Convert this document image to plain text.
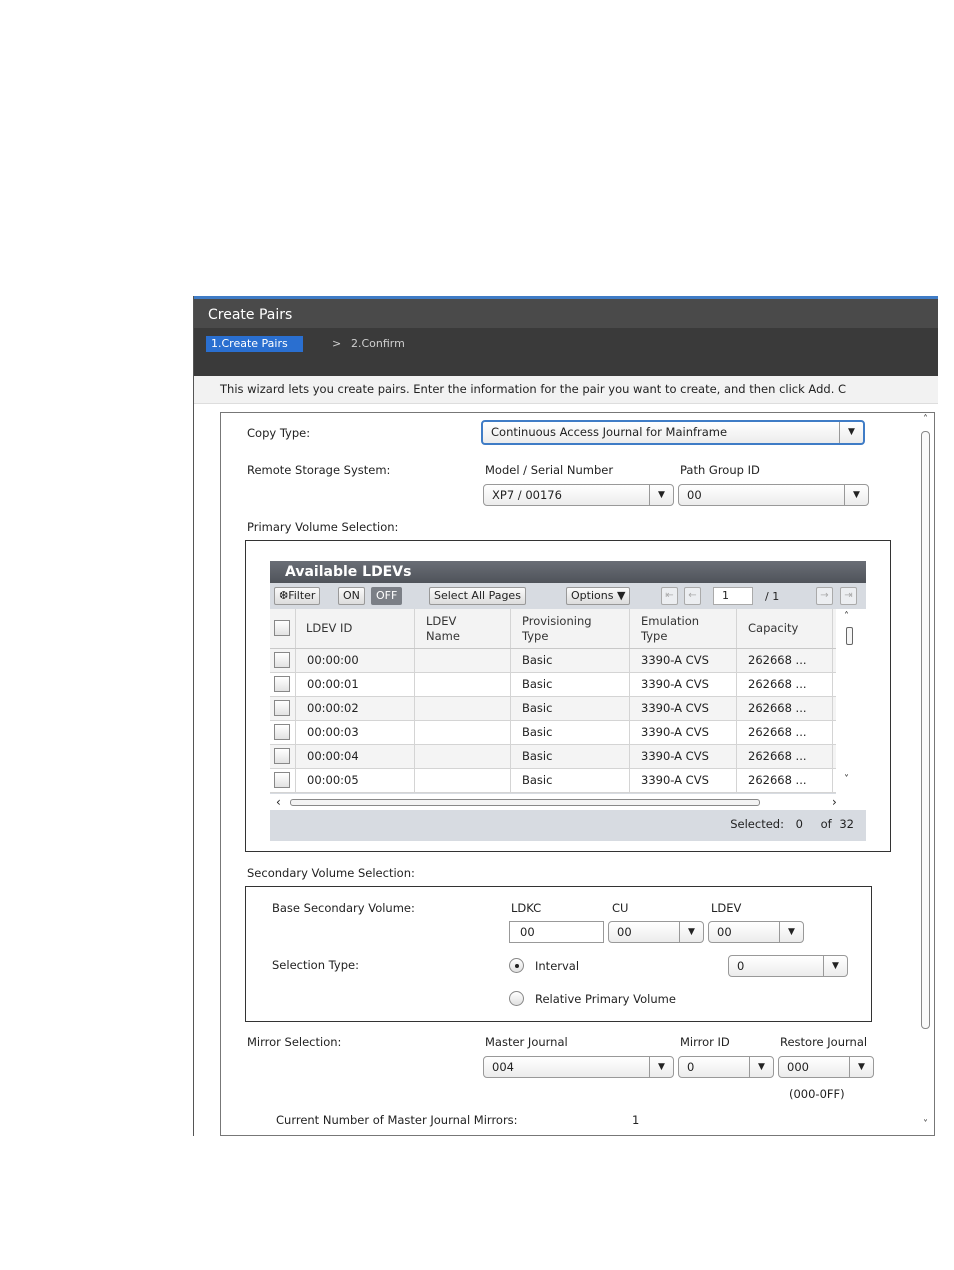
Create Pairs
1.Create Pairs	> 2.Confirm
This wizard lets you create pairs. Enter the information for the pair you want to create, and then click Add. C
Copy Type:	Continuous Access Journal for Mainframe	▼
Remote Storage System:	Model / Serial Number	Path Group ID
XP7 / 00176	▼	00	▼
Primary Volume Selection:
Available LDEVs
❆Filter	ON	OFF	Select All Pages	Options ▼	⇤	←	1	/ 1	→	⇥
LDEV ID	LDEV
Name
Provisioning
Type
Emulation
Type
Capacity
00:00:00	Basic	3390-A CVS	262668 ...
00:00:01	Basic	3390-A CVS	262668 ...
00:00:02	Basic	3390-A CVS	262668 ...
00:00:03	Basic	3390-A CVS	262668 ...
00:00:04	Basic	3390-A CVS	262668 ...
00:00:05	Basic	3390-A CVS	262668 ...
˄
˅
‹	›
Selected: 0 of 32
Secondary Volume Selection:
Base Secondary Volume:	LDKC	CU	LDEV
00	00	▼	00	▼
Selection Type:	Interval	0	▼
Relative Primary Volume
Mirror Selection:	Master Journal	Mirror ID	Restore Journal
004	▼	0	▼	000	▼
(000-0FF)
Current Number of Master Journal Mirrors:	1
˄
˅
